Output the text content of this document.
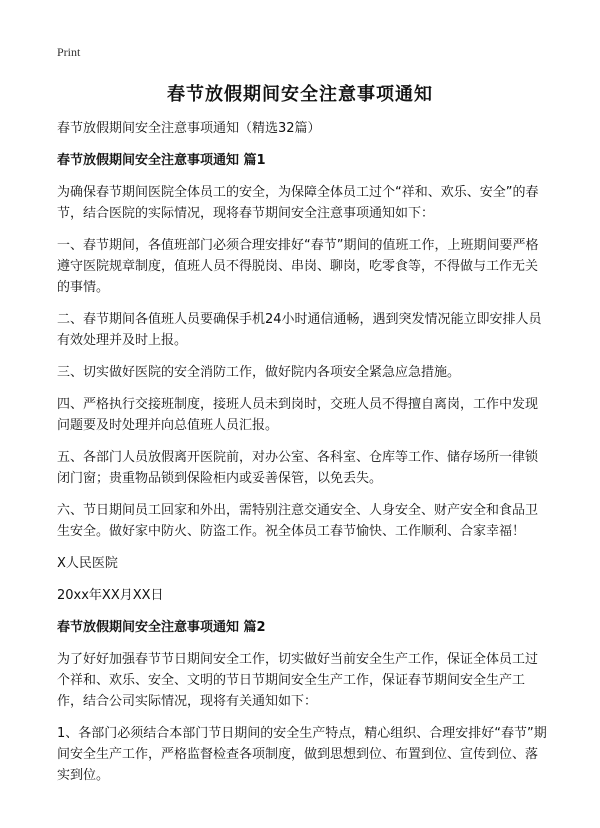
Print
春节放假期间安全注意事项通知

春节放假期间安全注意事项通知（精选32篇）

春节放假期间安全注意事项通知 篇1

为确保春节期间医院全体员工的安全，为保障全体员工过个“祥和、欢乐、安全”的春节，结合医院的实际情况，现将春节期间安全注意事项通知如下：

一、春节期间，各值班部门必须合理安排好“春节”期间的值班工作，上班期间要严格遵守医院规章制度，值班人员不得脱岗、串岗、聊岗，吃零食等，不得做与工作无关的事情。

二、春节期间各值班人员要确保手机24小时通信通畅，遇到突发情况能立即安排人员有效处理并及时上报。

三、切实做好医院的安全消防工作，做好院内各项安全紧急应急措施。

四、严格执行交接班制度，接班人员未到岗时，交班人员不得擅自离岗，工作中发现问题要及时处理并向总值班人员汇报。

五、各部门人员放假离开医院前，对办公室、各科室、仓库等工作、储存场所一律锁闭门窗；贵重物品锁到保险柜内或妥善保管，以免丢失。

六、节日期间员工回家和外出，需特别注意交通安全、人身安全、财产安全和食品卫生安全。做好家中防火、防盗工作。祝全体员工春节愉快、工作顺利、合家幸福！

X人民医院

20xx年XX月XX日

春节放假期间安全注意事项通知 篇2

为了好好加强春节节日期间安全工作，切实做好当前安全生产工作，保证全体员工过个祥和、欢乐、安全、文明的节日节期间安全生产工作，保证春节期间安全生产工作，结合公司实际情况，现将有关通知如下：

1、各部门必须结合本部门节日期间的安全生产特点，精心组织、合理安排好“春节”期间安全生产工作，严格监督检查各项制度，做到思想到位、布置到位、宣传到位、落实到位。
